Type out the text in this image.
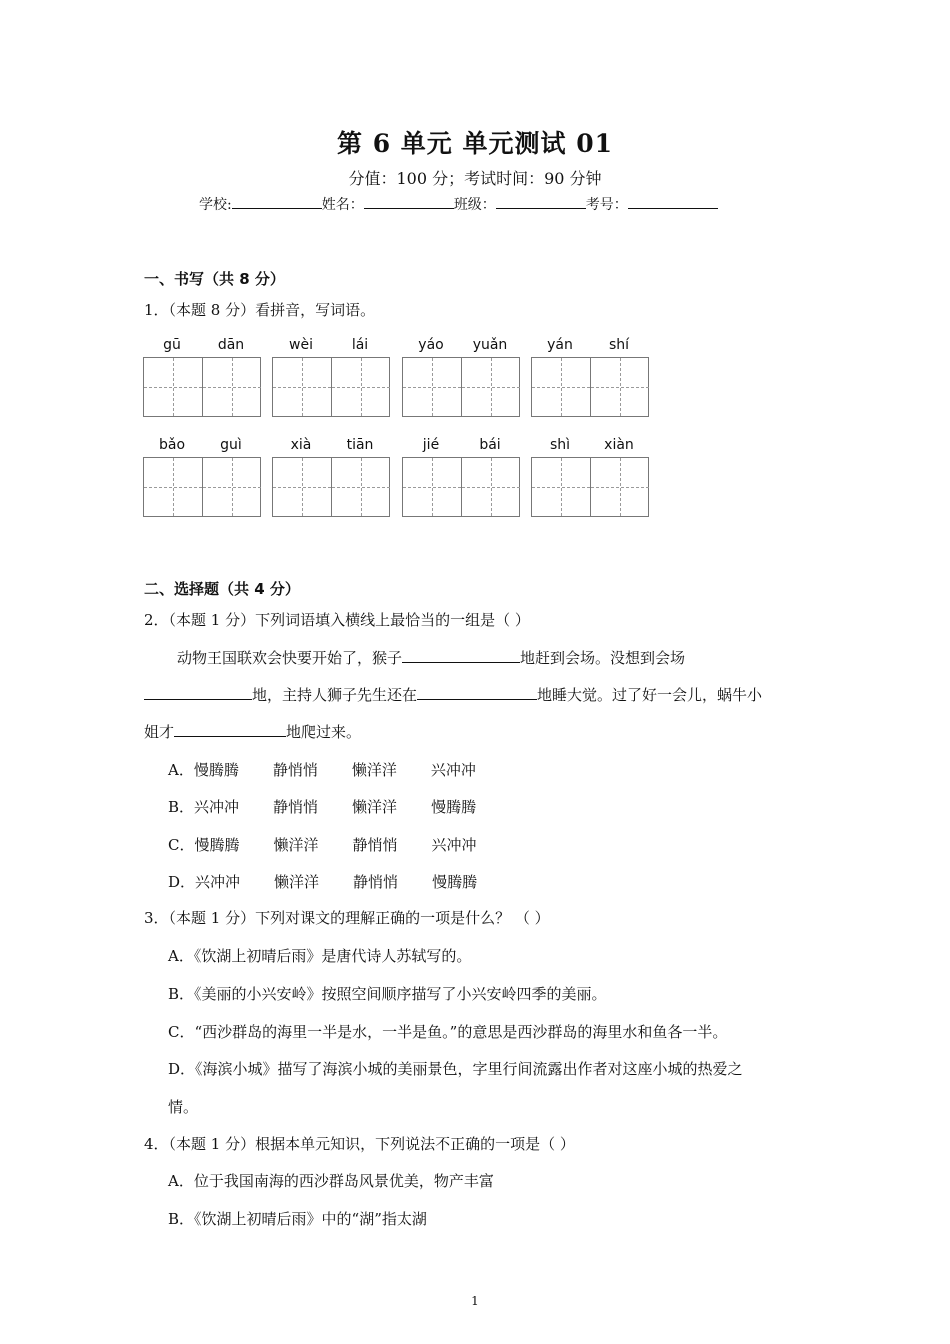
第 6 单元 单元测试 01
分值：100 分；考试时间：90 分钟
学校:	姓名：	班级：	考号：
一、书写（共 8 分）
1．（本题 8 分）看拼音，写词语。
gū	dān	wèi	lái	yáo	yuǎn	yán	shí
bǎo	guì	xià	tiān	jié	bái	shì	xiàn
二、选择题（共 4 分）
2．（本题 1 分）下列词语填入横线上最恰当的一组是（ ）
动物王国联欢会快要开始了，猴子	地赶到会场。没想到会场
地，主持人狮子先生还在	地睡大觉。过了好一会儿，蜗牛小
姐才	地爬过来。
A．慢腾腾 静悄悄 懒洋洋 兴冲冲
B．兴冲冲 静悄悄 懒洋洋 慢腾腾
C．慢腾腾 懒洋洋 静悄悄 兴冲冲
D．兴冲冲 懒洋洋 静悄悄 慢腾腾
3．（本题 1 分）下列对课文的理解正确的一项是什么？ （ ）
A．《饮湖上初晴后雨》是唐代诗人苏轼写的。
B．《美丽的小兴安岭》按照空间顺序描写了小兴安岭四季的美丽。
C．“西沙群岛的海里一半是水，一半是鱼。”的意思是西沙群岛的海里水和鱼各一半。
D．《海滨小城》描写了海滨小城的美丽景色，字里行间流露出作者对这座小城的热爱之
情。
4．（本题 1 分）根据本单元知识，下列说法不正确的一项是（ ）
A．位于我国南海的西沙群岛风景优美，物产丰富
B．《饮湖上初晴后雨》中的“湖”指太湖
1
